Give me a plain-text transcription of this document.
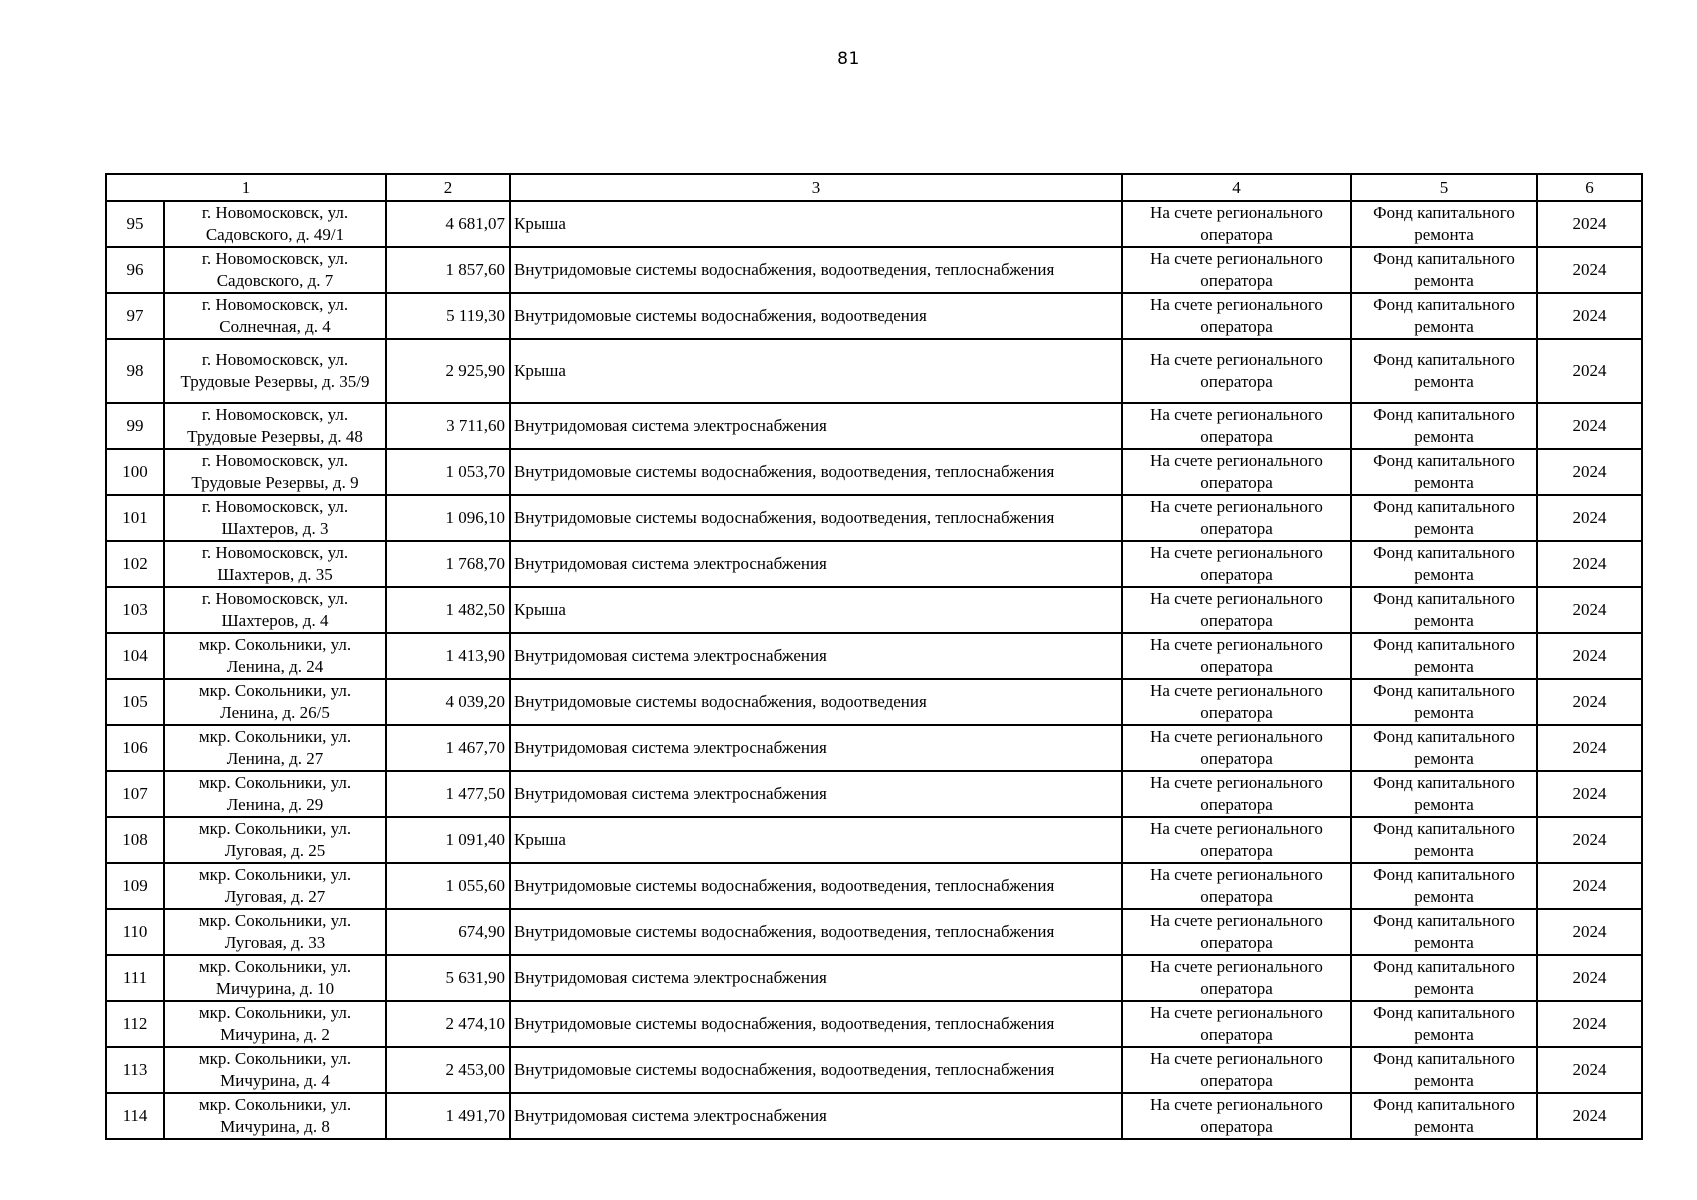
81
1		2	3	4	5	6
95	г. Новомосковск, ул.
Садовского, д. 49/1	4 681,07	Крыша	На счете регионального
оператора	Фонд капитального
ремонта	2024
96	г. Новомосковск, ул.
Садовского, д. 7	1 857,60	Внутридомовые системы водоснабжения, водоотведения, теплоснабжения	На счете регионального
оператора	Фонд капитального
ремонта	2024
97	г. Новомосковск, ул.
Солнечная, д. 4	5 119,30	Внутридомовые системы водоснабжения, водоотведения	На счете регионального
оператора	Фонд капитального
ремонта	2024
98	г. Новомосковск, ул.
Трудовые Резервы, д. 35/9	2 925,90	Крыша	На счете регионального
оператора	Фонд капитального
ремонта	2024
99	г. Новомосковск, ул.
Трудовые Резервы, д. 48	3 711,60	Внутридомовая система электроснабжения	На счете регионального
оператора	Фонд капитального
ремонта	2024
100	г. Новомосковск, ул.
Трудовые Резервы, д. 9	1 053,70	Внутридомовые системы водоснабжения, водоотведения, теплоснабжения	На счете регионального
оператора	Фонд капитального
ремонта	2024
101	г. Новомосковск, ул.
Шахтеров, д. 3	1 096,10	Внутридомовые системы водоснабжения, водоотведения, теплоснабжения	На счете регионального
оператора	Фонд капитального
ремонта	2024
102	г. Новомосковск, ул.
Шахтеров, д. 35	1 768,70	Внутридомовая система электроснабжения	На счете регионального
оператора	Фонд капитального
ремонта	2024
103	г. Новомосковск, ул.
Шахтеров, д. 4	1 482,50	Крыша	На счете регионального
оператора	Фонд капитального
ремонта	2024
104	мкр. Сокольники, ул.
Ленина, д. 24	1 413,90	Внутридомовая система электроснабжения	На счете регионального
оператора	Фонд капитального
ремонта	2024
105	мкр. Сокольники, ул.
Ленина, д. 26/5	4 039,20	Внутридомовые системы водоснабжения, водоотведения	На счете регионального
оператора	Фонд капитального
ремонта	2024
106	мкр. Сокольники, ул.
Ленина, д. 27	1 467,70	Внутридомовая система электроснабжения	На счете регионального
оператора	Фонд капитального
ремонта	2024
107	мкр. Сокольники, ул.
Ленина, д. 29	1 477,50	Внутридомовая система электроснабжения	На счете регионального
оператора	Фонд капитального
ремонта	2024
108	мкр. Сокольники, ул.
Луговая, д. 25	1 091,40	Крыша	На счете регионального
оператора	Фонд капитального
ремонта	2024
109	мкр. Сокольники, ул.
Луговая, д. 27	1 055,60	Внутридомовые системы водоснабжения, водоотведения, теплоснабжения	На счете регионального
оператора	Фонд капитального
ремонта	2024
110	мкр. Сокольники, ул.
Луговая, д. 33	674,90	Внутридомовые системы водоснабжения, водоотведения, теплоснабжения	На счете регионального
оператора	Фонд капитального
ремонта	2024
111	мкр. Сокольники, ул.
Мичурина, д. 10	5 631,90	Внутридомовая система электроснабжения	На счете регионального
оператора	Фонд капитального
ремонта	2024
112	мкр. Сокольники, ул.
Мичурина, д. 2	2 474,10	Внутридомовые системы водоснабжения, водоотведения, теплоснабжения	На счете регионального
оператора	Фонд капитального
ремонта	2024
113	мкр. Сокольники, ул.
Мичурина, д. 4	2 453,00	Внутридомовые системы водоснабжения, водоотведения, теплоснабжения	На счете регионального
оператора	Фонд капитального
ремонта	2024
114	мкр. Сокольники, ул.
Мичурина, д. 8	1 491,70	Внутридомовая система электроснабжения	На счете регионального
оператора	Фонд капитального
ремонта	2024
